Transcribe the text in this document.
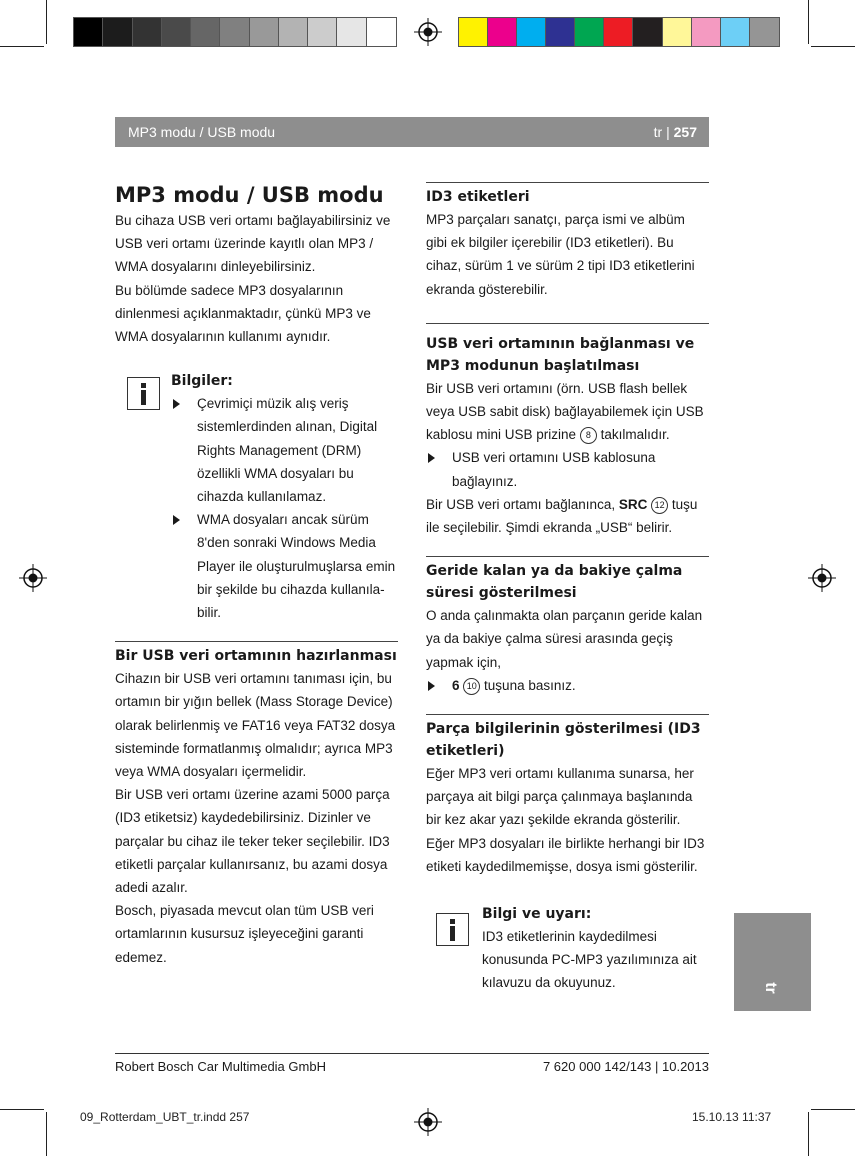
MP3 modu / USB modu	tr | 257
MP3 modu / USB modu

Bu cihaza USB veri ortamı bağlayabilirsiniz ve USB veri ortamı üzerinde kayıtlı olan MP3 / WMA dosyalarını dinleyebilirsiniz.

Bu bölümde sadece MP3 dosyalarının dinlenmesi açıklanmaktadır, çünkü MP3 ve WMA dosyalarının kullanımı aynıdır.

Bilgiler:

Çevrimiçi müzik alış veriş sistemlerdinden alınan, Digital Rights Management (DRM) özellikli WMA dosyaları bu cihazda kullanılamaz.

WMA dosyaları ancak sürüm 8'den sonraki Windows Media Player ile oluşturulmuşlarsa emin bir şekilde bu cihazda kullanıla-bilir.

Bir USB veri ortamının hazırlanması

Cihazın bir USB veri ortamını tanıması için, bu ortamın bir yığın bellek (Mass Storage Device) olarak belirlenmiş ve FAT16 veya FAT32 dosya sisteminde formatlanmış olmalıdır; ayrıca MP3 veya WMA dosyaları içermelidir.

Bir USB veri ortamı üzerine azami 5000 parça (ID3 etiketsiz) kaydedebilirsiniz. Dizinler ve parçalar bu cihaz ile teker teker seçilebilir. ID3 etiketli parçalar kullanırsanız, bu azami dosya adedi azalır.

Bosch, piyasada mevcut olan tüm USB veri ortamlarının kusursuz işleyeceğini garanti edemez.

ID3 etiketleri

MP3 parçaları sanatçı, parça ismi ve albüm gibi ek bilgiler içerebilir (ID3 etiketleri). Bu cihaz, sürüm 1 ve sürüm 2 tipi ID3 etiketlerini ekranda gösterebilir.

USB veri ortamının bağlanması ve MP3 modunun başlatılması

Bir USB veri ortamını (örn. USB flash bellek veya USB sabit disk) bağlayabilemek için USB kablosu mini USB prizine 8 takılmalıdır.

USB veri ortamını USB kablosuna bağlayınız.

Bir USB veri ortamı bağlanınca, SRC 12 tuşu ile seçilebilir. Şimdi ekranda „USB“ belirir.

Geride kalan ya da bakiye çalma süresi gösterilmesi

O anda çalınmakta olan parçanın geride kalan ya da bakiye çalma süresi arasında geçiş yapmak için,

6 10 tuşuna basınız.

Parça bilgilerinin gösterilmesi (ID3 etiketleri)

Eğer MP3 veri ortamı kullanıma sunarsa, her parçaya ait bilgi parça çalınmaya başlanında bir kez akar yazı şekilde ekranda gösterilir. Eğer MP3 dosyaları ile birlikte herhangi bir ID3 etiketi kaydedilmemişse, dosya ismi gösterilir.

Bilgi ve uyarı:

ID3 etiketlerinin kaydedilmesi konusunda PC-MP3 yazılımınıza ait kılavuzu da okuyunuz.	tr
Robert Bosch Car Multimedia GmbH	7 620 000 142/143 | 10.2013
09_Rotterdam_UBT_tr.indd 257	15.10.13 11:37
